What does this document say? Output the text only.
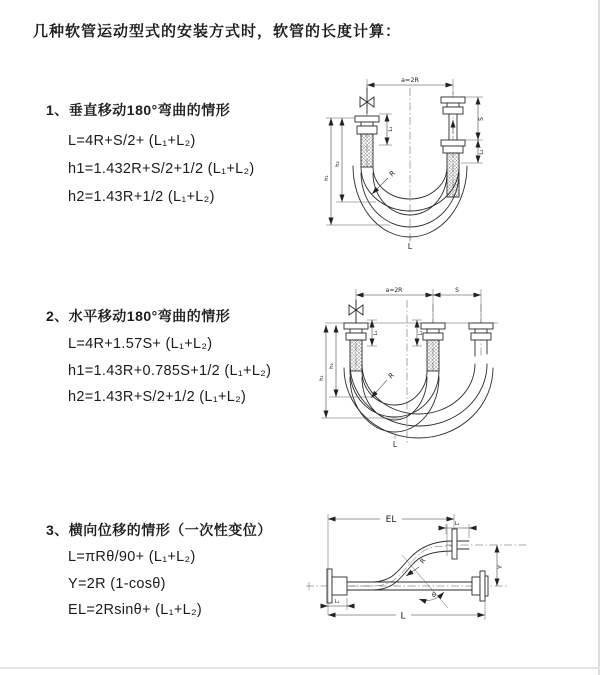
几种软管运动型式的安装方式时，软管的长度计算：
1、垂直移动180°弯曲的情形
L=4R+S/2+ (L₁+L₂)
h1=1.432R+S/2+1/2 (L₁+L₂)
h2=1.43R+1/2 (L₁+L₂)
2、水平移动180°弯曲的情形
L=4R+1.57S+ (L₁+L₂)
h1=1.43R+0.785S+1/2 (L₁+L₂)
h2=1.43R+S/2+1/2 (L₁+L₂)
3、横向位移的情形（一次性变位）
L=πRθ/90+ (L₁+L₂)
Y=2R (1-cosθ)
EL=2Rsinθ+ (L₁+L₂)
a=2R
R
h₁
h₂
L₁
S
L₂
L
a=2R	S
R
h₁
h₂
L₁	L₁
L
EL	L₁
Y
θ
R
L
L₁
